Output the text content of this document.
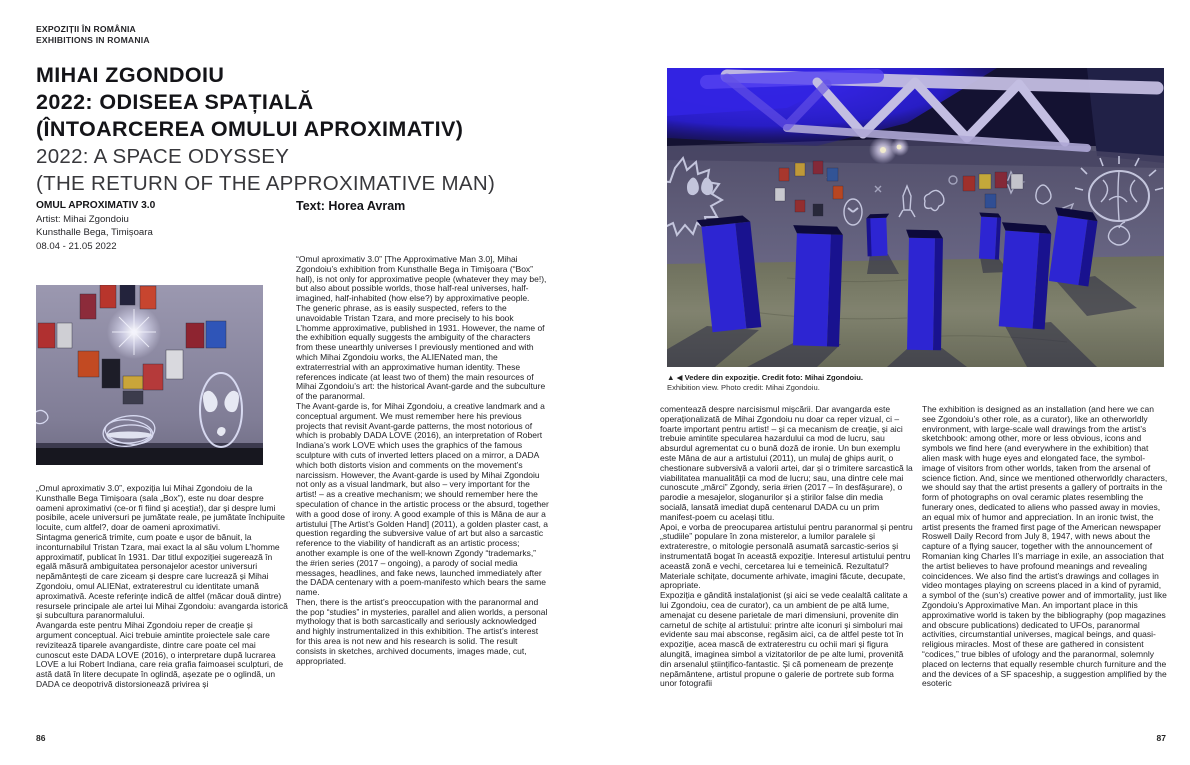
EXPOZIȚII ÎN ROMÂNIA
EXHIBITIONS IN ROMANIA
MIHAI ZGONDOIU
2022: ODISEEA SPAȚIALĂ
(ÎNTOARCEREA OMULUI APROXIMATIV)
2022: A SPACE ODYSSEY
(THE RETURN OF THE APPROXIMATIVE MAN)
OMUL APROXIMATIV 3.0
Artist: Mihai Zgondoiu
Kunsthalle Bega, Timișoara
08.04 - 21.05 2022
Text: Horea Avram
„Omul aproximativ 3.0”, expoziția lui Mihai Zgondoiu de la Kunsthalle Bega Timișoara (sala „Box”), este nu doar despre oameni aproximativi (ce-or fi fiind și aceștia!), dar și despre lumi posibile, acele universuri pe jumătate reale, pe jumătate închipuite locuite, cum altfel?, doar de oameni aproximativi.
Sintagma generică trimite, cum poate e ușor de bănuit, la inconturnabilul Tristan Tzara, mai exact la al său volum L’homme approximatif, publicat în 1931. Dar titlul expoziției sugerează în egală măsură ambiguitatea personajelor acestor universuri nepământești de care ziceam și despre care lucrează și Mihai Zgondoiu, omul ALIENat, extraterestrul cu identitate umană aproximativă. Aceste referințe indică de altfel (măcar două dintre) resursele principale ale artei lui Mihai Zgondoiu: avangarda istorică și subcultura paranormalului.
Avangarda este pentru Mihai Zgondoiu reper de creație și argument conceptual. Aici trebuie amintite proiectele sale care revizitează tiparele avangardiste, dintre care poate cel mai cunoscut este DADA LOVE (2016), o interpretare după lucrarea LOVE a lui Robert Indiana, care reia grafia faimoasei sculpturi, de astă dată în litere decupate în oglindă, așezate pe o oglindă, un DADA ce deopotrivă distorsionează privirea și
“Omul aproximativ 3.0” [The Approximative Man 3.0], Mihai Zgondoiu’s exhibition from Kunsthalle Bega in Timișoara (“Box” hall), is not only for approximative people (whatever they may be!), but also about possible worlds, those half-real universes, half-imagined, half-inhabited (how else?) by approximative people.
The generic phrase, as is easily suspected, refers to the unavoidable Tristan Tzara, and more precisely to his book L’homme approximative, published in 1931. However, the name of the exhibition equally suggests the ambiguity of the characters from these unearthly universes I previously mentioned and with which Mihai Zgondoiu works, the ALIENated man, the extraterrestrial with an approximative human identity. These references indicate (at least two of them) the main resources of Mihai Zgondoiu’s art: the historical Avant-garde and the subculture of the paranormal.
The Avant-garde is, for Mihai Zgondoiu, a creative landmark and a conceptual argument. We must remember here his previous projects that revisit Avant-garde patterns, the most notorious of which is probably DADA LOVE (2016), an interpretation of Robert Indiana’s work LOVE which uses the graphics of the famous sculpture with cuts of inverted letters placed on a mirror, a DADA which both distorts vision and comments on the movement’s narcissism. However, the Avant-garde is used by Mihai Zgondoiu not only as a visual landmark, but also – very important for the artist! – as a creative mechanism; we should remember here the speculation of chance in the artistic process or the absurd, together with a good dose of irony. A good example of this is Mâna de aur a artistului [The Artist’s Golden Hand] (2011), a golden plaster cast, a question regarding the subversive value of art but also a sarcastic reference to the viability of handicraft as an artistic process; another example is one of the well-known Zgondy “trademarks,” the #rien series (2017 – ongoing), a parody of social media messages, headlines, and fake news, launched immediately after the DADA centenary with a poem-manifesto which bears the same name.
Then, there is the artist’s preoccupation with the paranormal and the pop “studies” in mysteries, parallel and alien worlds, a personal mythology that is both sarcastically and seriously acknowledged and highly instrumentalized in this exhibition. The artist’s interest for this area is not new and his research is solid. The result consists in sketches, archived documents, images made, cut, appropriated.
86
▲ ◀ Vedere din expoziție. Credit foto: Mihai Zgondoiu.
Exhibition view. Photo credit: Mihai Zgondoiu.
comentează despre narcisismul mișcării. Dar avangarda este operaționalizată de Mihai Zgondoiu nu doar ca reper vizual, ci – foarte important pentru artist! – și ca mecanism de creație, și aici trebuie amintite specularea hazardului ca mod de lucru, sau absurdul agrementat cu o bună doză de ironie. Un bun exemplu este Mâna de aur a artistului (2011), un mulaj de ghips aurit, o chestionare subversivă a valorii artei, dar și o trimitere sarcastică la viabilitatea manualității ca mod de lucru; sau, una dintre cele mai cunoscute „mărci” Zgondy, seria #rien (2017 – în desfășurare), o parodie a mesajelor, sloganurilor și a știrilor false din media socială, lansată imediat după centenarul DADA cu un prim manifest-poem cu același titlu.
Apoi, e vorba de preocuparea artistului pentru paranormal și pentru „studiile” populare în zona misterelor, a lumilor paralele și extraterestre, o mitologie personală asumată sarcastic-serios și instrumentată bogat în această expoziție. Interesul artistului pentru această zonă e vechi, cercetarea lui e temeinică. Rezultatul? Materiale schițate, documente arhivate, imagini făcute, decupate, apropriate.
Expoziția e gândită instalaționist (și aici se vede cealaltă calitate a lui Zgondoiu, cea de curator), ca un ambient de pe altă lume, amenajat cu desene parietale de mari dimensiuni, provenite din carnetul de schițe al artistului: printre alte iconuri și simboluri mai evidente sau mai absconse, regăsim aici, ca de altfel peste tot în expoziție, acea mască de extraterestru cu ochii mari și figura alungită, imaginea simbol a vizitatorilor de pe alte lumi, provenită din arsenalul științifico-fantastic. Și că pomeneam de prezențe nepământene, artistul propune o galerie de portrete sub forma unor fotografii
The exhibition is designed as an installation (and here we can see Zgondoiu’s other role, as a curator), like an otherworldly environment, with large-scale wall drawings from the artist’s sketchbook: among other, more or less obvious, icons and symbols we find here (and everywhere in the exhibition) that alien mask with huge eyes and elongated face, the symbol-image of visitors from other worlds, taken from the arsenal of science fiction. And, since we mentioned otherworldly characters, we should say that the artist presents a gallery of portraits in the form of photographs on oval ceramic plates resembling the funerary ones, dedicated to aliens who passed away in movies, an equal mix of humor and appreciation. In an ironic twist, the artist presents the framed first page of the American newspaper Roswell Daily Record from July 8, 1947, with news about the capture of a flying saucer, together with the announcement of Romanian king Charles II’s marriage in exile, an association that the artist believes to have profound meanings and revealing coincidences. We also find the artist’s drawings and collages in video montages playing on screens placed in a kind of pyramid, a symbol of the (sun’s) creative power and of immortality, just like Zgondoiu’s Approximative Man. An important place in this approximative world is taken by the bibliography (pop magazines and obscure publications) dedicated to UFOs, paranormal activities, circumstantial universes, magical beings, and quasi-religious miracles. Most of these are gathered in consistent “codices,” true bibles of ufology and the paranormal, solemnly placed on lecterns that equally resemble church furniture and the and the devices of a SF spaceship, a suggestion amplified by the esoteric
87
